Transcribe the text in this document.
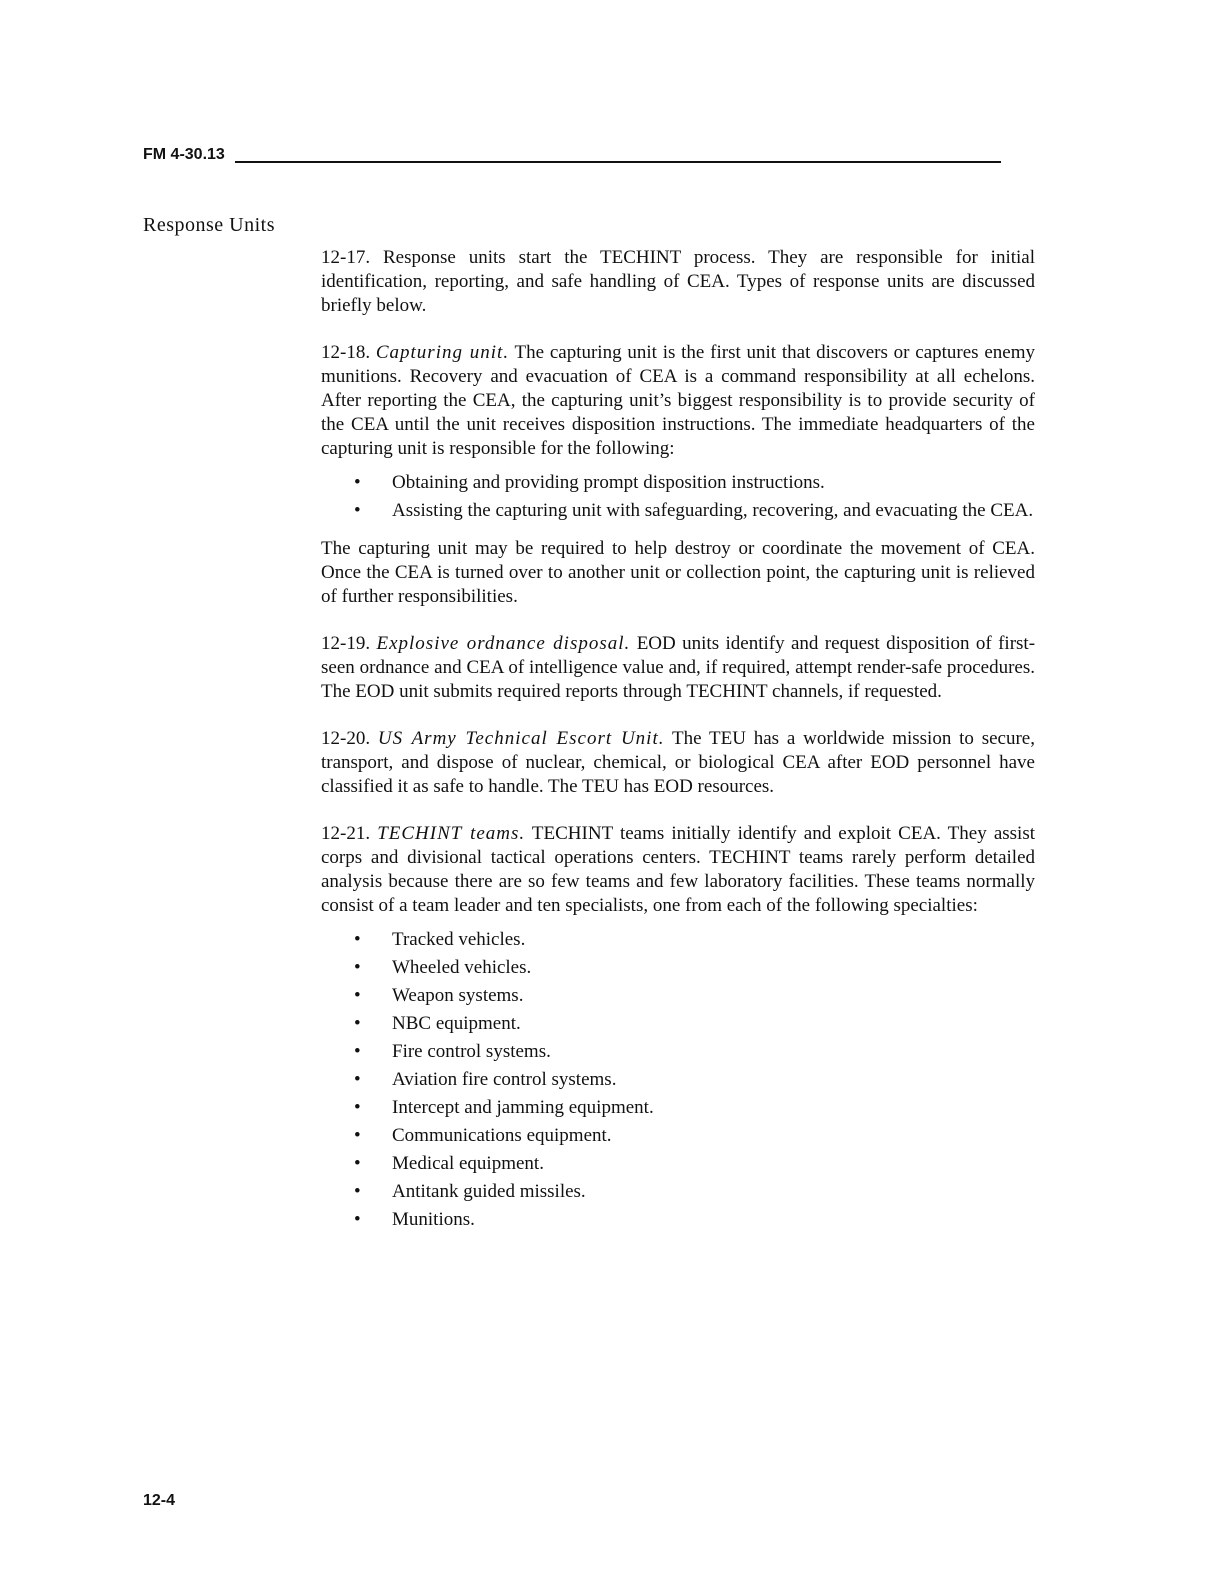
FM 4-30.13
Response Units

12-17. Response units start the TECHINT process. They are responsible for initial identification, reporting, and safe handling of CEA. Types of response units are discussed briefly below.

12-18. Capturing unit. The capturing unit is the first unit that discovers or captures enemy munitions. Recovery and evacuation of CEA is a command responsibility at all echelons. After reporting the CEA, the capturing unit’s biggest responsibility is to provide security of the CEA until the unit receives disposition instructions. The immediate headquarters of the capturing unit is responsible for the following:

• Obtaining and providing prompt disposition instructions.
• Assisting the capturing unit with safeguarding, recovering, and evacuating the CEA.

The capturing unit may be required to help destroy or coordinate the movement of CEA. Once the CEA is turned over to another unit or collection point, the capturing unit is relieved of further responsibilities.

12-19. Explosive ordnance disposal. EOD units identify and request disposition of first-seen ordnance and CEA of intelligence value and, if required, attempt render-safe procedures. The EOD unit submits required reports through TECHINT channels, if requested.

12-20. US Army Technical Escort Unit. The TEU has a worldwide mission to secure, transport, and dispose of nuclear, chemical, or biological CEA after EOD personnel have classified it as safe to handle. The TEU has EOD resources.

12-21. TECHINT teams. TECHINT teams initially identify and exploit CEA. They assist corps and divisional tactical operations centers. TECHINT teams rarely perform detailed analysis because there are so few teams and few laboratory facilities. These teams normally consist of a team leader and ten specialists, one from each of the following specialties:

• Tracked vehicles.
• Wheeled vehicles.
• Weapon systems.
• NBC equipment.
• Fire control systems.
• Aviation fire control systems.
• Intercept and jamming equipment.
• Communications equipment.
• Medical equipment.
• Antitank guided missiles.
• Munitions.
12-4
